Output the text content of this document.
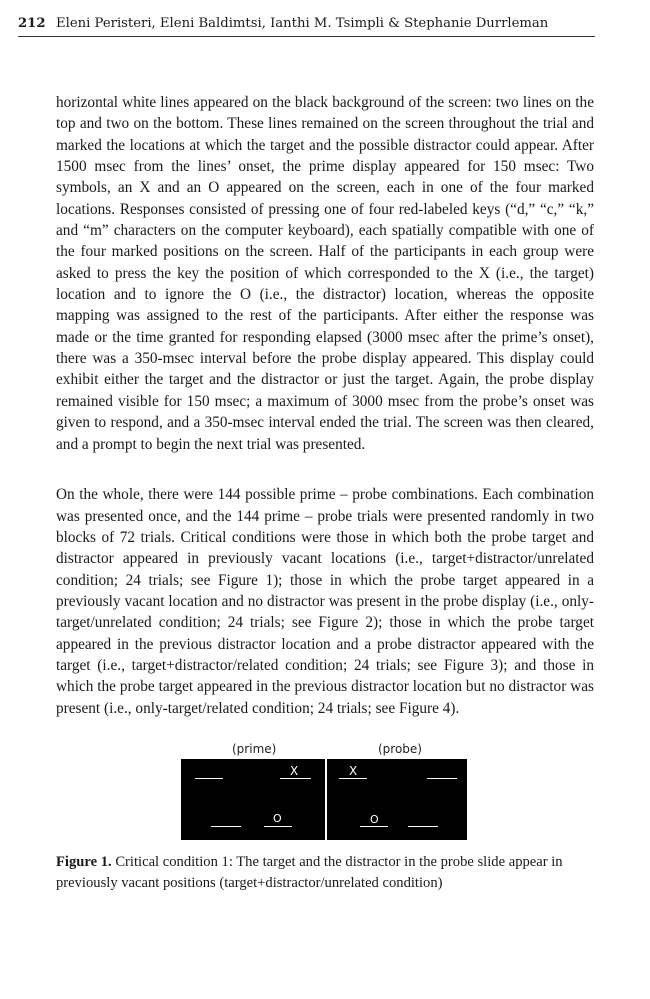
212 Eleni Peristeri, Eleni Baldimtsi, Ianthi M. Tsimpli & Stephanie Durrleman

horizontal white lines appeared on the black background of the screen: two lines on the top and two on the bottom. These lines remained on the screen throughout the trial and marked the locations at which the target and the possible distractor could appear. After 1500 msec from the lines’ onset, the prime display appeared for 150 msec: Two symbols, an X and an O appeared on the screen, each in one of the four marked locations. Responses consisted of pressing one of four red-labeled keys (“d,” “c,” “k,” and “m” characters on the computer keyboard), each spatially compatible with one of the four marked positions on the screen. Half of the participants in each group were asked to press the key the position of which corresponded to the X (i.e., the target) location and to ignore the O (i.e., the distractor) location, whereas the opposite mapping was assigned to the rest of the participants. After either the response was made or the time granted for responding elapsed (3000 msec after the prime’s onset), there was a 350-msec interval before the probe display appeared. This display could exhibit either the target and the distractor or just the target. Again, the probe display remained visible for 150 msec; a maximum of 3000 msec from the probe’s onset was given to respond, and a 350-msec interval ended the trial. The screen was then cleared, and a prompt to begin the next trial was presented.

On the whole, there were 144 possible prime – probe combinations. Each combination was presented once, and the 144 prime – probe trials were presented randomly in two blocks of 72 trials. Critical conditions were those in which both the probe target and distractor appeared in previously vacant locations (i.e., target+distractor/unrelated condition; 24 trials; see Figure 1); those in which the probe target appeared in a previously vacant location and no distractor was present in the probe display (i.e., only-target/unrelated condition; 24 trials; see Figure 2); those in which the probe target appeared in the previous distractor location and a probe distractor appeared with the target (i.e., target+distractor/related condition; 24 trials; see Figure 3); and those in which the probe target appeared in the previous distractor location but no distractor was present (i.e., only-target/related condition; 24 trials; see Figure 4).

(prime)	(probe)
X
O
X
O
Figure 1. Critical condition 1: The target and the distractor in the probe slide appear in previously vacant positions (target+distractor/unrelated condition)
